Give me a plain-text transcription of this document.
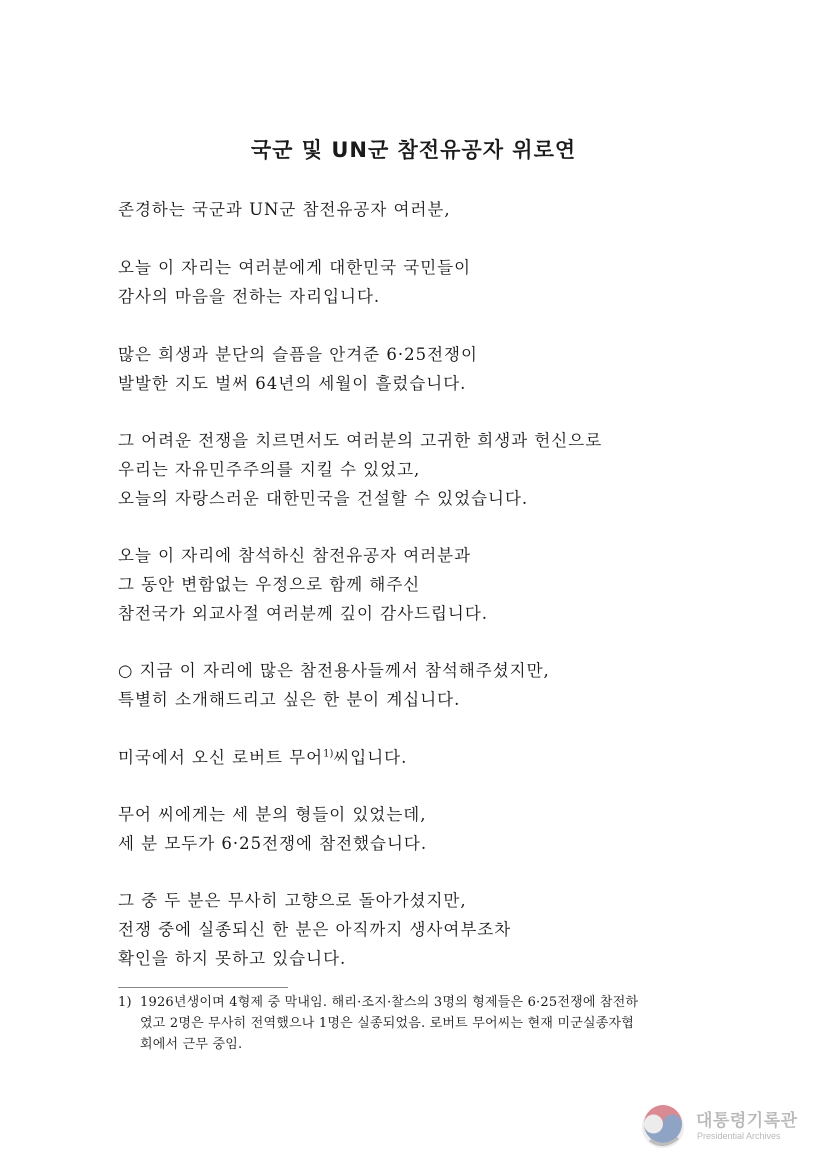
국군 및 UN군 참전유공자 위로연
존경하는 국군과 UN군 참전유공자 여러분,
오늘 이 자리는 여러분에게 대한민국 국민들이
감사의 마음을 전하는 자리입니다.
많은 희생과 분단의 슬픔을 안겨준 6·25전쟁이
발발한 지도 벌써 64년의 세월이 흘렀습니다.
그 어려운 전쟁을 치르면서도 여러분의 고귀한 희생과 헌신으로
우리는 자유민주주의를 지킬 수 있었고,
오늘의 자랑스러운 대한민국을 건설할 수 있었습니다.
오늘 이 자리에 참석하신 참전유공자 여러분과
그 동안 변함없는 우정으로 함께 해주신
참전국가 외교사절 여러분께 깊이 감사드립니다.
○ 지금 이 자리에 많은 참전용사들께서 참석해주셨지만,
특별히 소개해드리고 싶은 한 분이 계십니다.
미국에서 오신 로버트 무어$^{1)}$씨입니다.
무어 씨에게는 세 분의 형들이 있었는데,
세 분 모두가 6·25전쟁에 참전했습니다.
그 중 두 분은 무사히 고향으로 돌아가셨지만,
전쟁 중에 실종되신 한 분은 아직까지 생사여부조차
확인을 하지 못하고 있습니다.
1) 1926년생이며 4형제 중 막내임. 해리·조지·찰스의 3명의 형제들은 6·25전쟁에 참전하
였고 2명은 무사히 전역했으나 1명은 실종되었음. 로버트 무어씨는 현재 미군실종자협
회에서 근무 중임.
대통령기록관
Presidential Archives
